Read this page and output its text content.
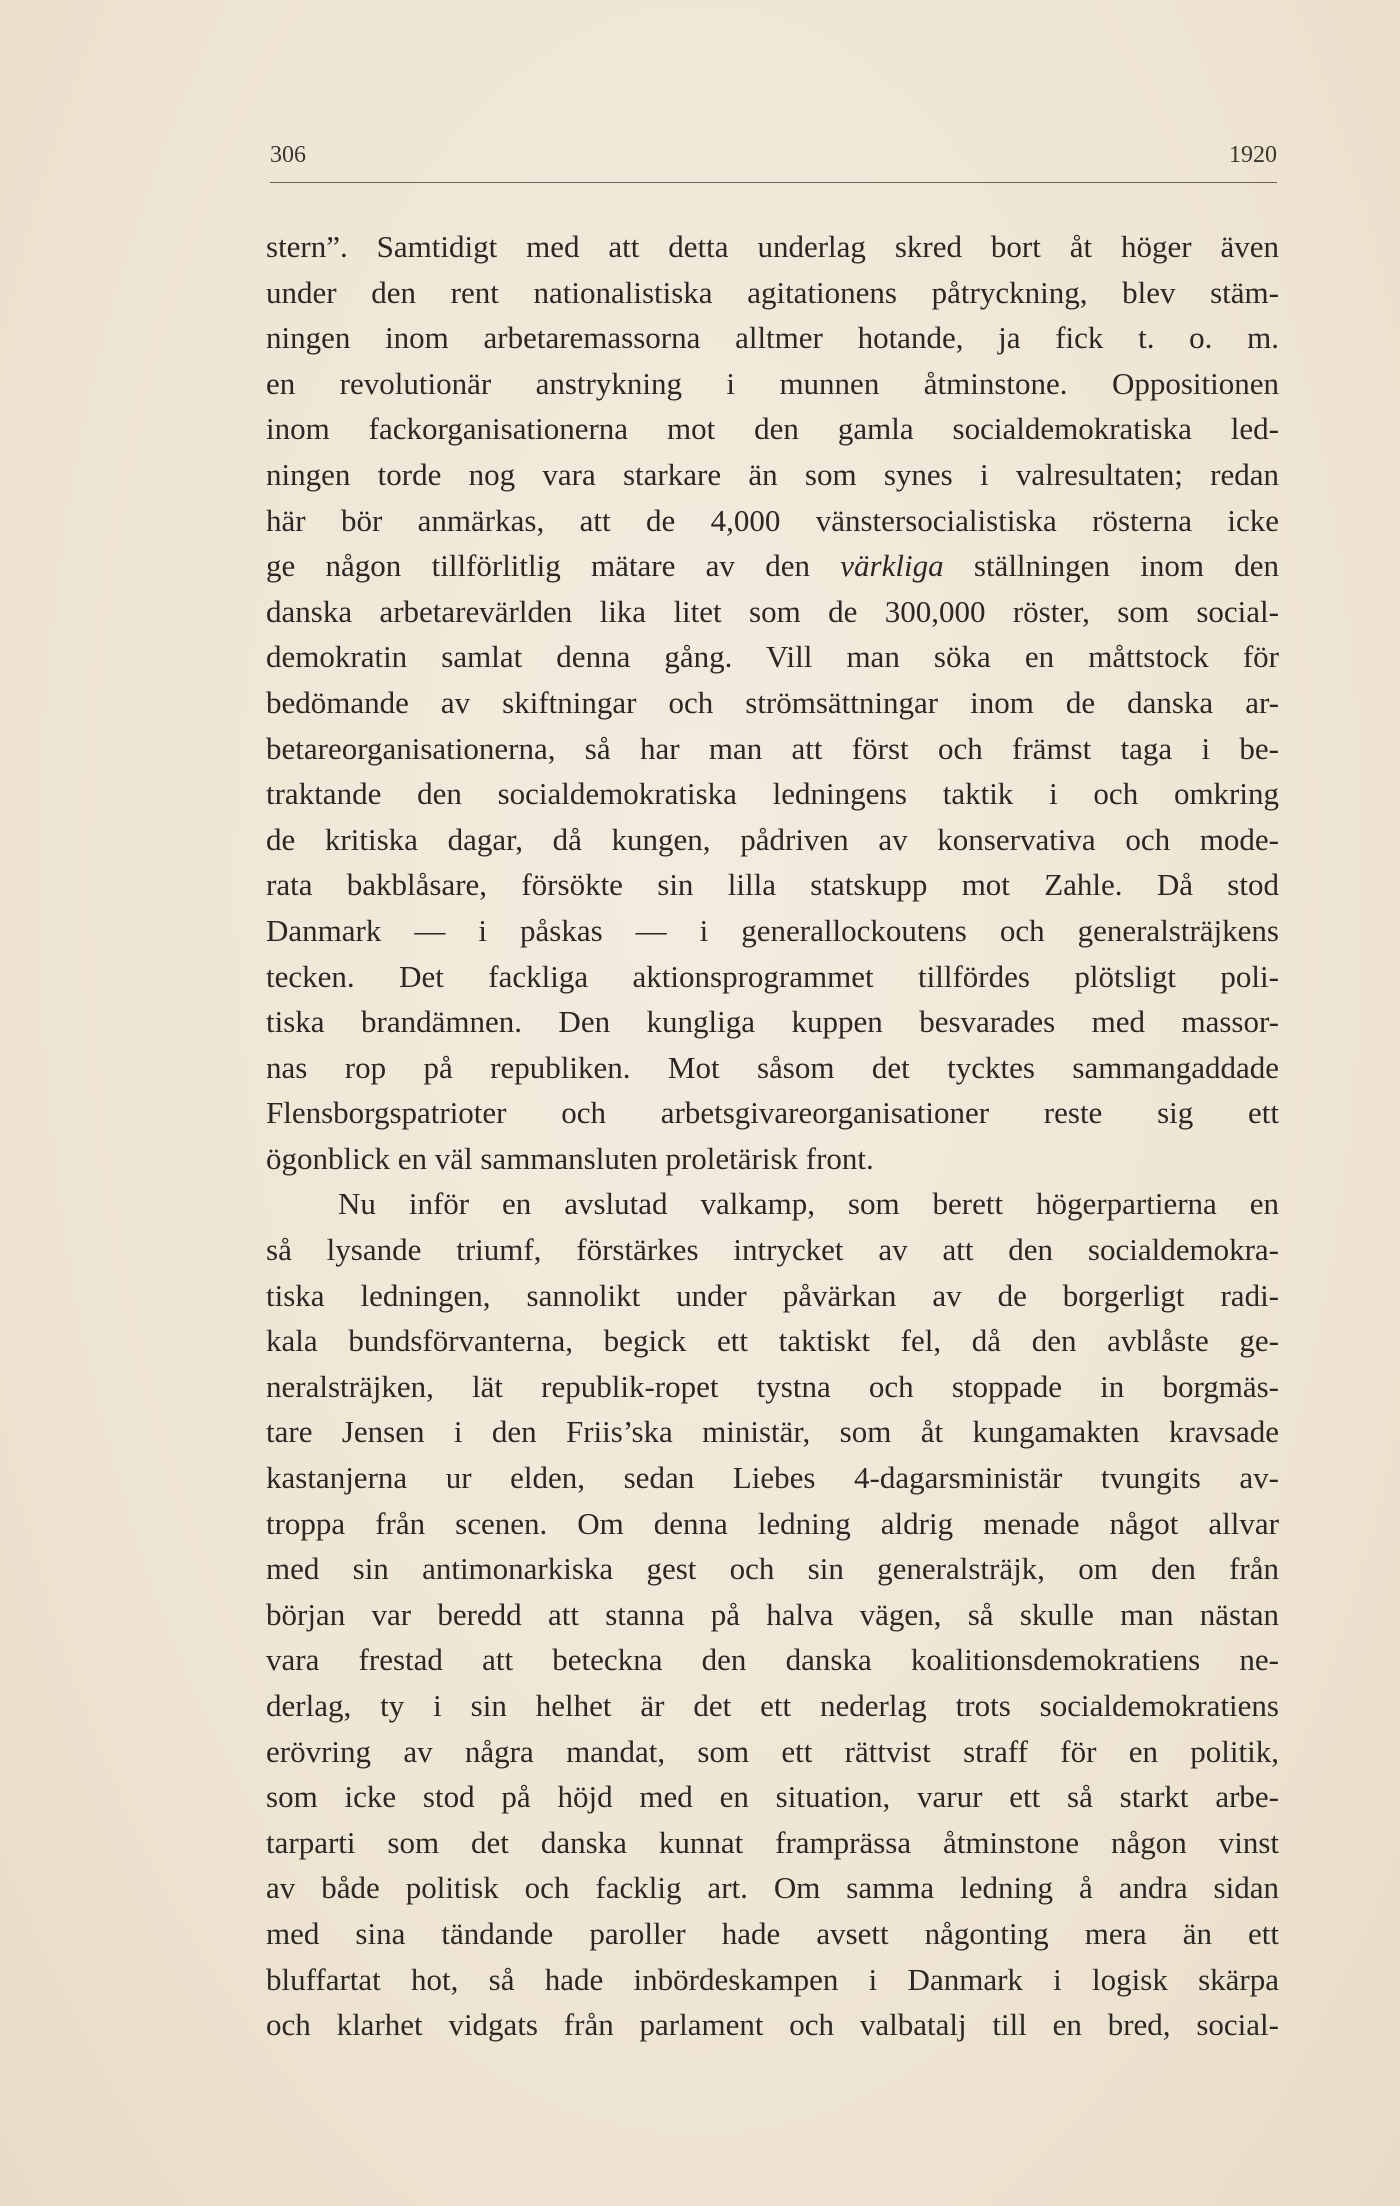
306	1920
stern”. Samtidigt med att detta underlag skred bort åt höger även
under den rent nationalistiska agitationens påtryckning, blev stäm-
ningen inom arbetaremassorna alltmer hotande, ja fick t. o. m.
en revolutionär anstrykning i munnen åtminstone. Oppositionen
inom fackorganisationerna mot den gamla socialdemokratiska led-
ningen torde nog vara starkare än som synes i valresultaten; redan
här bör anmärkas, att de 4,000 vänstersocialistiska rösterna icke
ge någon tillförlitlig mätare av den värkliga ställningen inom den
danska arbetarevärlden lika litet som de 300,000 röster, som social-
demokratin samlat denna gång. Vill man söka en måttstock för
bedömande av skiftningar och strömsättningar inom de danska ar-
betareorganisationerna, så har man att först och främst taga i be-
traktande den socialdemokratiska ledningens taktik i och omkring
de kritiska dagar, då kungen, pådriven av konservativa och mode-
rata bakblåsare, försökte sin lilla statskupp mot Zahle. Då stod
Danmark — i påskas — i generallockoutens och generalsträjkens
tecken. Det fackliga aktionsprogrammet tillfördes plötsligt poli-
tiska brandämnen. Den kungliga kuppen besvarades med massor-
nas rop på republiken. Mot såsom det tycktes sammangaddade
Flensborgspatrioter och arbetsgivareorganisationer reste sig ett
ögonblick en väl sammansluten proletärisk front.
Nu inför en avslutad valkamp, som berett högerpartierna en
så lysande triumf, förstärkes intrycket av att den socialdemokra-
tiska ledningen, sannolikt under påvärkan av de borgerligt radi-
kala bundsförvanterna, begick ett taktiskt fel, då den avblåste ge-
neralsträjken, lät republik-ropet tystna och stoppade in borgmäs-
tare Jensen i den Friis’ska ministär, som åt kungamakten kravsade
kastanjerna ur elden, sedan Liebes 4-dagarsministär tvungits av-
troppa från scenen. Om denna ledning aldrig menade något allvar
med sin antimonarkiska gest och sin generalsträjk, om den från
början var beredd att stanna på halva vägen, så skulle man nästan
vara frestad att beteckna den danska koalitionsdemokratiens ne-
derlag, ty i sin helhet är det ett nederlag trots socialdemokratiens
erövring av några mandat, som ett rättvist straff för en politik,
som icke stod på höjd med en situation, varur ett så starkt arbe-
tarparti som det danska kunnat framprässa åtminstone någon vinst
av både politisk och facklig art. Om samma ledning å andra sidan
med sina tändande paroller hade avsett någonting mera än ett
bluffartat hot, så hade inbördeskampen i Danmark i logisk skärpa
och klarhet vidgats från parlament och valbatalj till en bred, social-
